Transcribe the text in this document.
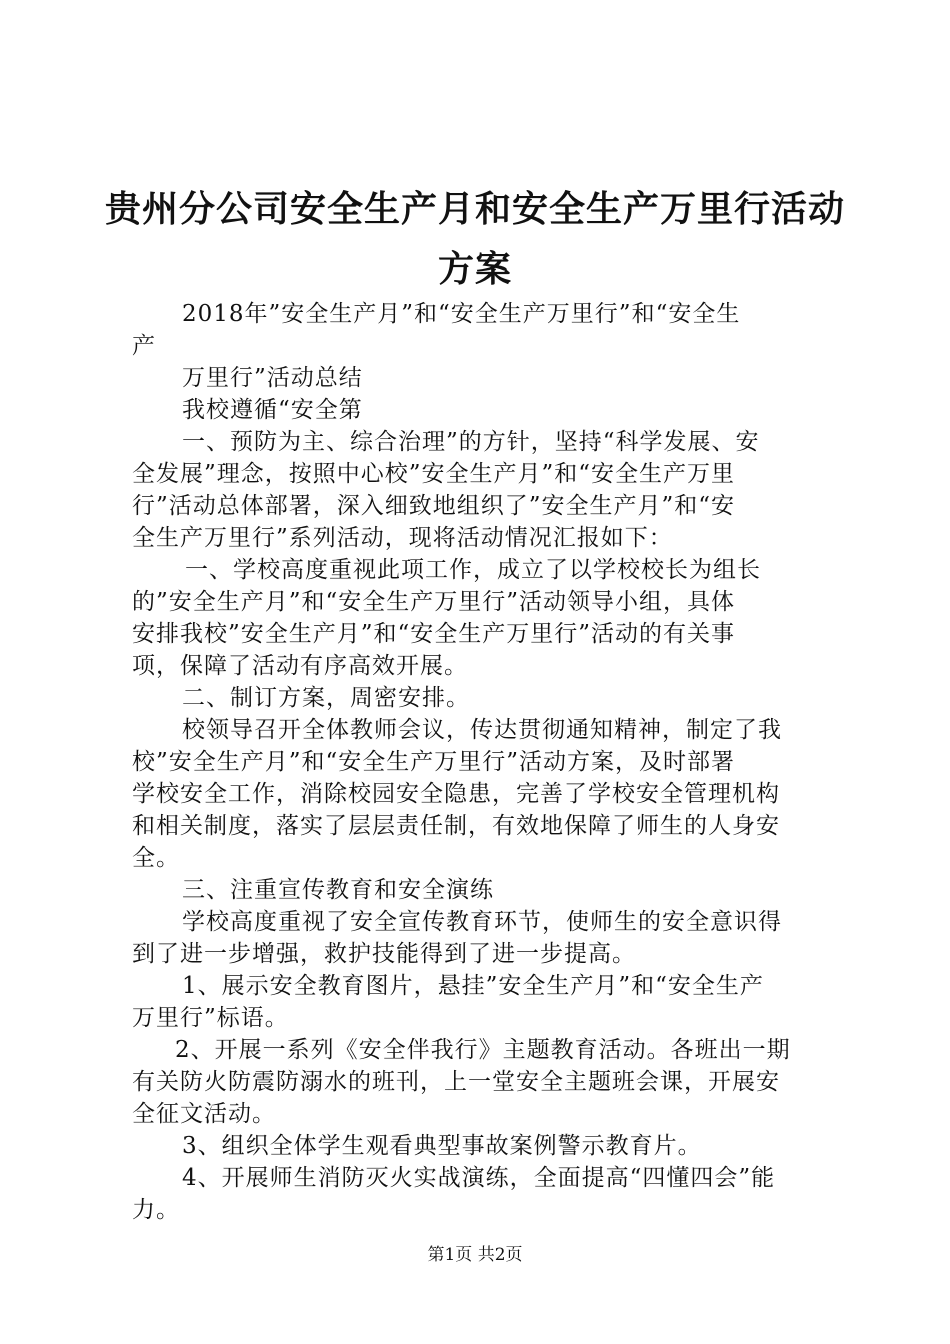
贵州分公司安全生产月和安全生产万里行活动
方案

2018年”安全生产月”和“安全生产万里行”和“安全生

产

万里行”活动总结

我校遵循“安全第

一、预防为主、综合治理”的方针，坚持“科学发展、安

全发展”理念，按照中心校”安全生产月”和“安全生产万里

行”活动总体部署，深入细致地组织了”安全生产月”和“安

全生产万里行”系列活动，现将活动情况汇报如下：

一、学校高度重视此项工作，成立了以学校校长为组长

的”安全生产月”和“安全生产万里行”活动领导小组，具体

安排我校”安全生产月”和“安全生产万里行”活动的有关事

项，保障了活动有序高效开展。

二、制订方案，周密安排。

校领导召开全体教师会议，传达贯彻通知精神，制定了我

校”安全生产月”和“安全生产万里行”活动方案，及时部署

学校安全工作，消除校园安全隐患，完善了学校安全管理机构

和相关制度，落实了层层责任制，有效地保障了师生的人身安

全。

三、注重宣传教育和安全演练

学校高度重视了安全宣传教育环节，使师生的安全意识得

到了进一步增强，救护技能得到了进一步提高。

1、展示安全教育图片，悬挂”安全生产月”和“安全生产

万里行”标语。

2、开展一系列《安全伴我行》主题教育活动。各班出一期

有关防火防震防溺水的班刊，上一堂安全主题班会课，开展安

全征文活动。

3、组织全体学生观看典型事故案例警示教育片。

4、开展师生消防灭火实战演练，全面提高“四懂四会”能

力。

第1页 共2页
